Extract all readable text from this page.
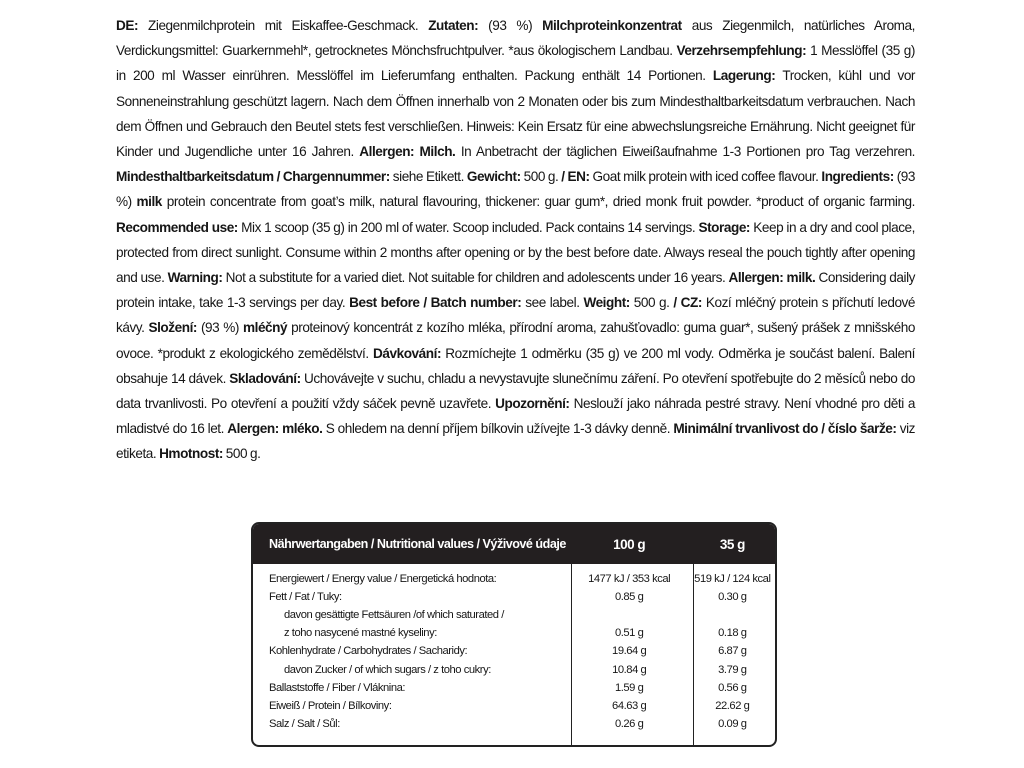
DE: Ziegenmilchprotein mit Eiskaffee-Geschmack. Zutaten: (93 %) Milchproteinkonzentrat aus Ziegenmilch, natürliches Aroma, Verdickungsmittel: Guarkernmehl*, getrocknetes Mönchsfruchtpulver. *aus ökologischem Landbau. Verzehrsempfehlung: 1 Messlöffel (35 g) in 200 ml Wasser einrühren. Messlöffel im Lieferumfang enthalten. Packung enthält 14 Portionen. Lagerung: Trocken, kühl und vor Sonneneinstrahlung geschützt lagern. Nach dem Öffnen innerhalb von 2 Monaten oder bis zum Mindesthaltbarkeitsdatum verbrauchen. Nach dem Öffnen und Gebrauch den Beutel stets fest verschließen. Hinweis: Kein Ersatz für eine abwechslungsreiche Ernährung. Nicht geeignet für Kinder und Jugendliche unter 16 Jahren. Allergen: Milch. In Anbetracht der täglichen Eiweißaufnahme 1-3 Portionen pro Tag verzehren. Mindesthaltbarkeitsdatum / Chargennummer: siehe Etikett. Gewicht: 500 g. / EN: Goat milk protein with iced coffee flavour. Ingredients: (93 %) milk protein concentrate from goat’s milk, natural flavouring, thickener: guar gum*, dried monk fruit powder. *product of organic farming. Recommended use: Mix 1 scoop (35 g) in 200 ml of water. Scoop included. Pack contains 14 servings. Storage: Keep in a dry and cool place, protected from direct sunlight. Consume within 2 months after opening or by the best before date. Always reseal the pouch tightly after opening and use. Warning: Not a substitute for a varied diet. Not suitable for children and adolescents under 16 years. Allergen: milk. Considering daily protein intake, take 1-3 servings per day. Best before / Batch number: see label. Weight: 500 g. / CZ: Kozí mléčný protein s příchutí ledové kávy. Složení: (93 %) mléčný proteinový koncentrát z kozího mléka, přírodní aroma, zahušťovadlo: guma guar*, sušený prášek z mnišského ovoce. *produkt z ekologického zemědělství. Dávkování: Rozmíchejte 1 odměrku (35 g) ve 200 ml vody. Odměrka je součást balení. Balení obsahuje 14 dávek. Skladování: Uchovávejte v suchu, chladu a nevystavujte slunečnímu záření. Po otevření spotřebujte do 2 měsíců nebo do data trvanlivosti. Po otevření a použití vždy sáček pevně uzavřete. Upozornění: Neslouží jako náhrada pestré stravy. Není vhodné pro děti a mladistvé do 16 let. Alergen: mléko. S ohledem na denní příjem bílkovin užívejte 1-3 dávky denně. Minimální trvanlivost do / číslo šarže: viz etiketa. Hmotnost: 500 g.
Nährwertangaben / Nutritional values / Výživové údaje	100 g	35 g
Energiewert / Energy value / Energetická hodnota:	1477 kJ / 353 kcal	519 kJ / 124 kcal
Fett / Fat / Tuky:	0.85 g	0.30 g
davon gesättigte Fettsäuren /of which saturated /
z toho nasycené mastné kyseliny:	0.51 g	0.18 g
Kohlenhydrate / Carbohydrates / Sacharidy:	19.64 g	6.87 g
davon Zucker / of which sugars / z toho cukry:	10.84 g	3.79 g
Ballaststoffe / Fiber / Vláknina:	1.59 g	0.56 g
Eiweiß / Protein / Bílkoviny:	64.63 g	22.62 g
Salz / Salt / Sůl:	0.26 g	0.09 g
